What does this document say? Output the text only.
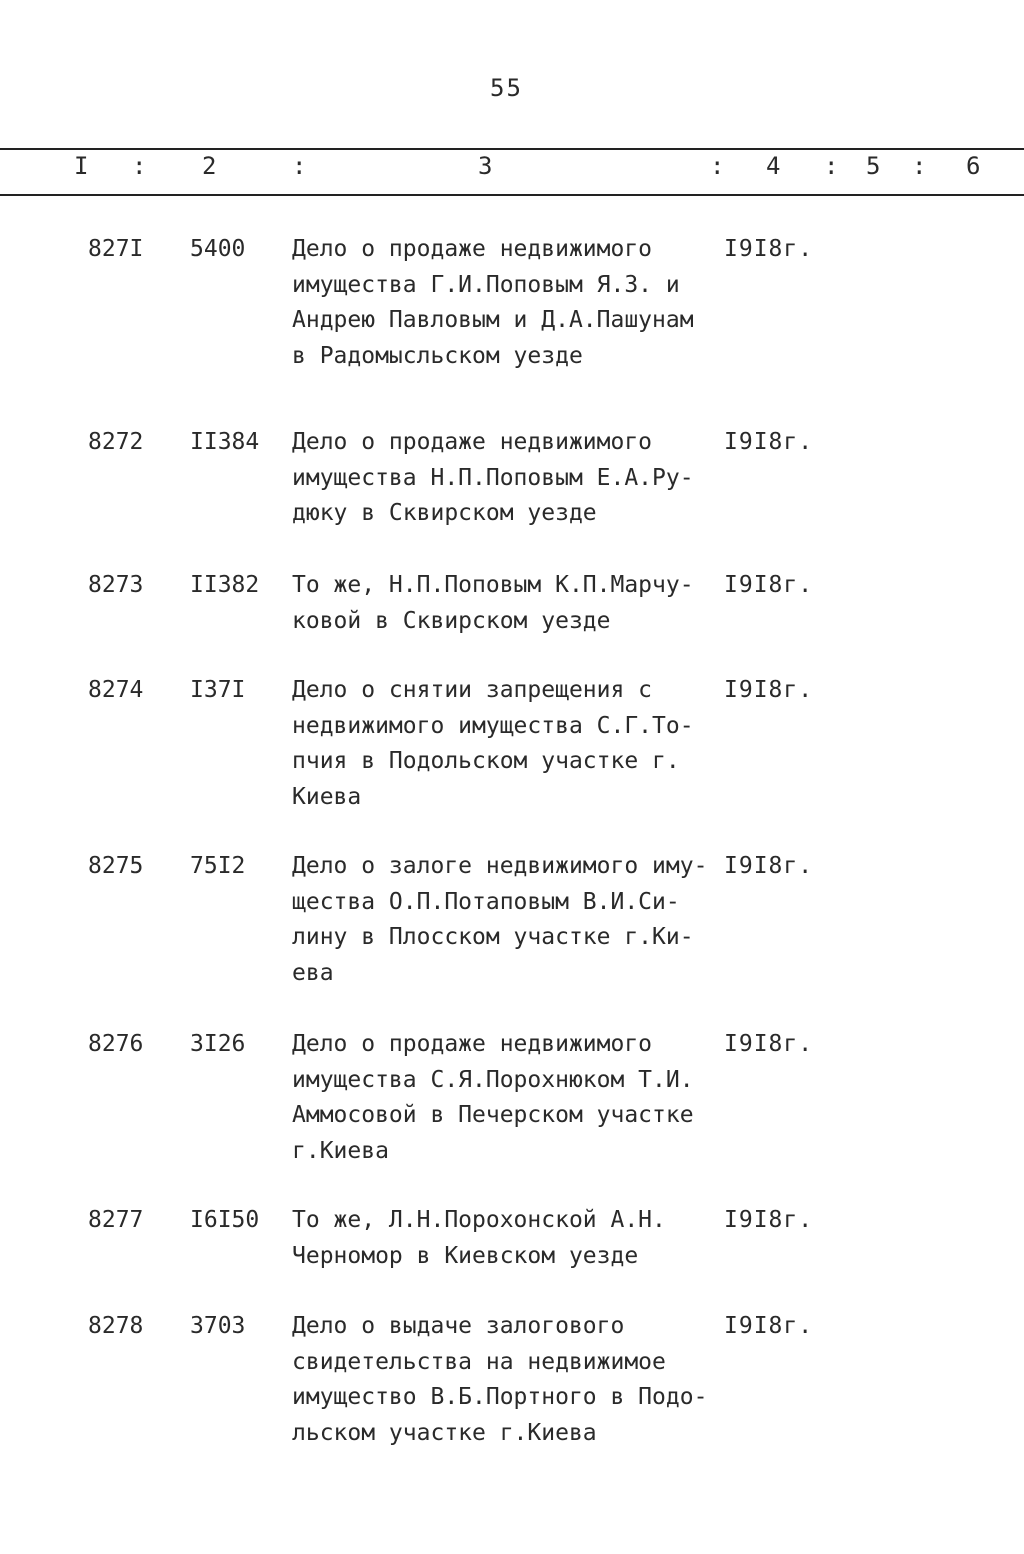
55
I : 2	:	3	: 4 : 5 : 6
827I 5400 Дело о продаже недвижимого
имущества Г.И.Поповым Я.З. и
Андрею Павловым и Д.А.Пашунам
в Радомысльском уезде
I9I8г.
8272 II384 Дело о продаже недвижимого
имущества Н.П.Поповым Е.А.Ру-
дюку в Сквирском уезде
I9I8г.
8273 II382 То же, Н.П.Поповым К.П.Марчу-
ковой в Сквирском уезде
I9I8г.
8274 I37I Дело о снятии запрещения с
недвижимого имущества С.Г.То-
пчия в Подольском участке г.
Киева
I9I8г.
8275 75I2 Дело о залоге недвижимого иму-
щества О.П.Потаповым В.И.Си-
лину в Плосском участке г.Ки-
ева
I9I8г.
8276 3I26 Дело о продаже недвижимого
имущества С.Я.Порохнюком Т.И.
Аммосовой в Печерском участке
г.Киева
I9I8г.
8277 I6I50 То же, Л.Н.Порохонской А.Н.
Черномор в Киевском уезде
I9I8г.
8278 3703 Дело о выдаче залогового
свидетельства на недвижимое
имущество В.Б.Портного в Подо-
льском участке г.Киева
I9I8г.
